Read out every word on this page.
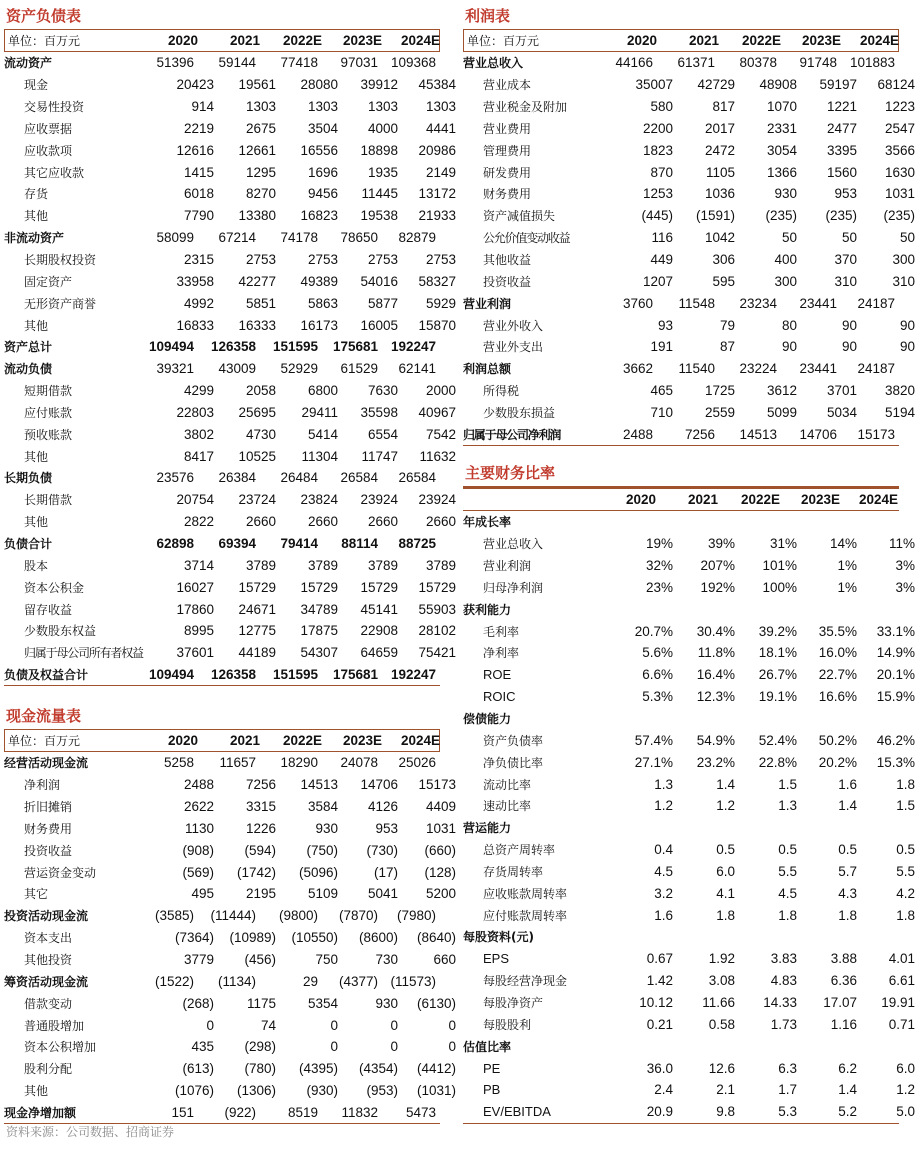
资产负债表
单位：百万元	2020	2021	2022E	2023E	2024E
流动资产	51396	59144	77418	97031 109368
现金	20423	19561	28080	39912	45384
交易性投资	914	1303	1303	1303	1303
应收票据	2219	2675	3504	4000	4441
应收款项	12616	12661	16556	18898	20986
其它应收款	1415	1295	1696	1935	2149
存货	6018	8270	9456	11445	13172
其他	7790	13380	16823	19538	21933
非流动资产	58099	67214	74178	78650	82879
长期股权投资	2315	2753	2753	2753	2753
固定资产	33958	42277	49389	54016	58327
无形资产商誉	4992	5851	5863	5877	5929
其他	16833	16333	16173	16005	15870
资产总计	109494	126358	151595	175681 192247
流动负债	39321	43009	52929	61529	62141
短期借款	4299	2058	6800	7630	2000
应付账款	22803	25695	29411	35598	40967
预收账款	3802	4730	5414	6554	7542
其他	8417	10525	11304	11747	11632
长期负债	23576	26384	26484	26584	26584
长期借款	20754	23724	23824	23924	23924
其他	2822	2660	2660	2660	2660
负债合计	62898	69394	79414	88114	88725
股本	3714	3789	3789	3789	3789
资本公积金	16027	15729	15729	15729	15729
留存收益	17860	24671	34789	45141	55903
少数股东权益	8995	12775	17875	22908	28102
归属于母公司所有者权益	37601	44189	54307	64659	75421
负债及权益合计	109494	126358	151595	175681 192247
现金流量表
单位：百万元	2020	2021	2022E	2023E	2024E
经营活动现金流	5258	11657	18290	24078	25026
净利润	2488	7256	14513	14706	15173
折旧摊销	2622	3315	3584	4126	4409
财务费用	1130	1226	930	953	1031
投资收益	(908)	(594)	(750)	(730)	(660)
营运资金变动	(569)	(1742)	(5096)	(17)	(128)
其它	495	2195	5109	5041	5200
投资活动现金流	(3585)	(11444)	(9800)	(7870)	(7980)
资本支出	(7364)	(10989)	(10550)	(8600)	(8640)
其他投资	3779	(456)	750	730	660
筹资活动现金流	(1522)	(1134)	29	(4377) (11573)
借款变动	(268)	1175	5354	930	(6130)
普通股增加	0	74	0	0	0
资本公积增加	435	(298)	0	0	0
股利分配	(613)	(780)	(4395)	(4354)	(4412)
其他	(1076)	(1306)	(930)	(953)	(1031)
现金净增加额	151	(922)	8519	11832	5473
利润表
单位：百万元	2020	2021	2022E	2023E	2024E
营业总收入	44166	61371	80378	91748 101883
营业成本	35007	42729	48908	59197	68124
营业税金及附加	580	817	1070	1221	1223
营业费用	2200	2017	2331	2477	2547
管理费用	1823	2472	3054	3395	3566
研发费用	870	1105	1366	1560	1630
财务费用	1253	1036	930	953	1031
资产减值损失	(445)	(1591)	(235)	(235)	(235)
公允价值变动收益	116	1042	50	50	50
其他收益	449	306	400	370	300
投资收益	1207	595	300	310	310
营业利润	3760	11548	23234	23441	24187
营业外收入	93	79	80	90	90
营业外支出	191	87	90	90	90
利润总额	3662	11540	23224	23441	24187
所得税	465	1725	3612	3701	3820
少数股东损益	710	2559	5099	5034	5194
归属于母公司净利润	2488	7256	14513	14706	15173
主要财务比率
2020	2021	2022E	2023E	2024E
年成长率
营业总收入	19%	39%	31%	14%	11%
营业利润	32%	207%	101%	1%	3%
归母净利润	23%	192%	100%	1%	3%
获利能力
毛利率	20.7%	30.4%	39.2%	35.5%	33.1%
净利率	5.6%	11.8%	18.1%	16.0%	14.9%
ROE	6.6%	16.4%	26.7%	22.7%	20.1%
ROIC	5.3%	12.3%	19.1%	16.6%	15.9%
偿债能力
资产负债率	57.4%	54.9%	52.4%	50.2%	46.2%
净负债比率	27.1%	23.2%	22.8%	20.2%	15.3%
流动比率	1.3	1.4	1.5	1.6	1.8
速动比率	1.2	1.2	1.3	1.4	1.5
营运能力
总资产周转率	0.4	0.5	0.5	0.5	0.5
存货周转率	4.5	6.0	5.5	5.7	5.5
应收账款周转率	3.2	4.1	4.5	4.3	4.2
应付账款周转率	1.6	1.8	1.8	1.8	1.8
每股资料(元)
EPS	0.67	1.92	3.83	3.88	4.01
每股经营净现金	1.42	3.08	4.83	6.36	6.61
每股净资产	10.12	11.66	14.33	17.07	19.91
每股股利	0.21	0.58	1.73	1.16	0.71
估值比率
PE	36.0	12.6	6.3	6.2	6.0
PB	2.4	2.1	1.7	1.4	1.2
EV/EBITDA	20.9	9.8	5.3	5.2	5.0
资料来源：公司数据、招商证券
